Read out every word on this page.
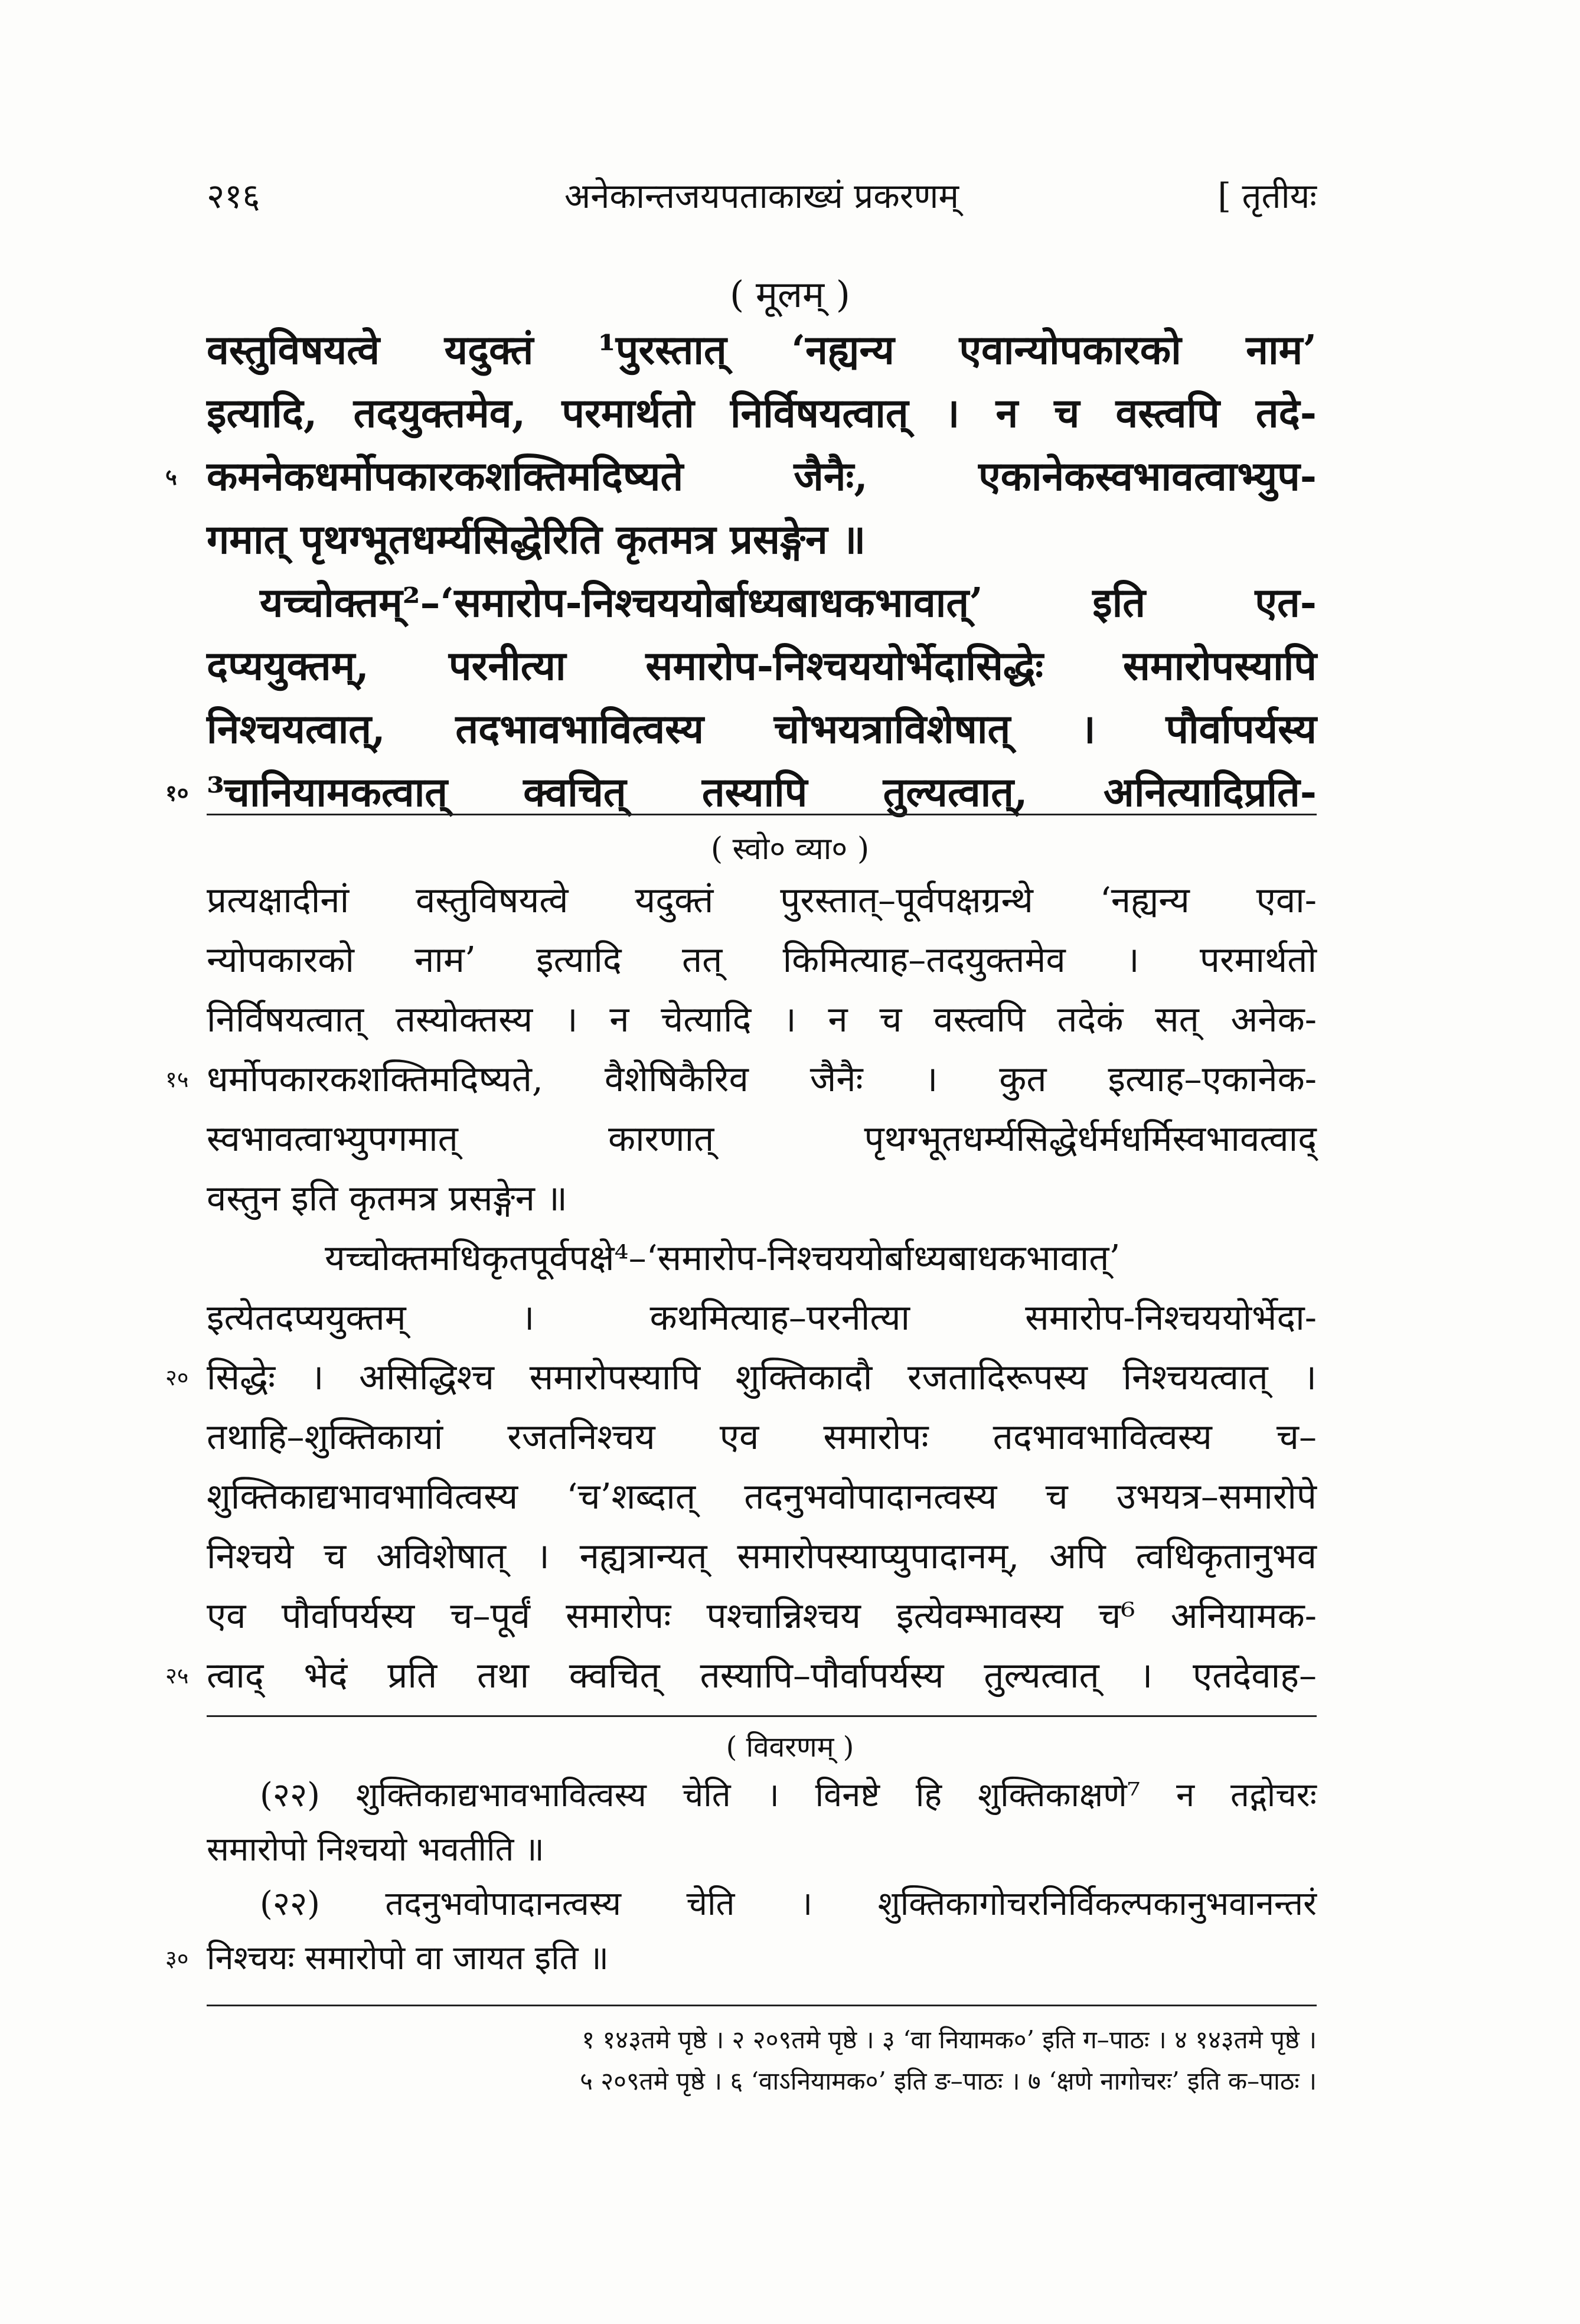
२१६	अनेकान्तजयपताकाख्यं प्रकरणम्	[ तृतीयः
( मूलम् )
वस्तुविषयत्वे यदुक्तं ¹पुरस्तात् ‘नह्यन्य एवान्योपकारको नाम’
इत्यादि, तदयुक्तमेव, परमार्थतो निर्विषयत्वात् । न च वस्त्वपि तदे-
५ कमनेकधर्मोपकारकशक्तिमदिष्यते जैनैः, एकानेकस्वभावत्वाभ्युप-
गमात् पृथग्भूतधर्म्यसिद्धेरिति कृतमत्र प्रसङ्गेन ॥
यच्चोक्तम्²–‘समारोप-निश्चययोर्बाध्यबाधकभावात्’ इति एत-
दप्ययुक्तम्, परनीत्या समारोप-निश्चययोर्भेदासिद्धेः समारोपस्यापि
निश्चयत्वात्, तदभावभावित्वस्य चोभयत्राविशेषात् । पौर्वापर्यस्य
१० ³चानियामकत्वात् क्वचित् तस्यापि तुल्यत्वात्, अनित्यादिप्रति-
( स्वो० व्या० )
प्रत्यक्षादीनां वस्तुविषयत्वे यदुक्तं पुरस्तात्–पूर्वपक्षग्रन्थे ‘नह्यन्य एवा-
न्योपकारको नाम’ इत्यादि तत् किमित्याह–तदयुक्तमेव । परमार्थतो
निर्विषयत्वात् तस्योक्तस्य । न चेत्यादि । न च वस्त्वपि तदेकं सत् अनेक-
१५ धर्मोपकारकशक्तिमदिष्यते, वैशेषिकैरिव जैनैः । कुत इत्याह–एकानेक-
स्वभावत्वाभ्युपगमात् कारणात् पृथग्भूतधर्म्यसिद्धेर्धर्मधर्मिस्वभावत्वाद्
वस्तुन इति कृतमत्र प्रसङ्गेन ॥
यच्चोक्तमधिकृतपूर्वपक्षे⁴–‘समारोप-निश्चययोर्बाध्यबाधकभावात्’
इत्येतदप्ययुक्तम् । कथमित्याह–परनीत्या समारोप-निश्चययोर्भेदा-
२० सिद्धेः । असिद्धिश्च समारोपस्यापि शुक्तिकादौ रजतादिरूपस्य निश्चयत्वात् ।
तथाहि–शुक्तिकायां रजतनिश्चय एव समारोपः तदभावभावित्वस्य च–
शुक्तिकाद्यभावभावित्वस्य ‘च’शब्दात् तदनुभवोपादानत्वस्य च उभयत्र–समारोपे
निश्चये च अविशेषात् । नह्यत्रान्यत् समारोपस्याप्युपादानम्, अपि त्वधिकृतानुभव
एव पौर्वापर्यस्य च–पूर्वं समारोपः पश्चान्निश्चय इत्येवम्भावस्य च⁶ अनियामक-
२५ त्वाद् भेदं प्रति तथा क्वचित् तस्यापि–पौर्वापर्यस्य तुल्यत्वात् । एतदेवाह–
( विवरणम् )
(२२) शुक्तिकाद्यभावभावित्वस्य चेति । विनष्टे हि शुक्तिकाक्षणे⁷ न तद्गोचरः
समारोपो निश्चयो भवतीति ॥
(२२) तदनुभवोपादानत्वस्य चेति । शुक्तिकागोचरनिर्विकल्पकानुभवानन्तरं
३० निश्चयः समारोपो वा जायत इति ॥
१ १४३तमे पृष्ठे । २ २०९तमे पृष्ठे । ३ ‘वा नियामक०’ इति ग–पाठः । ४ १४३तमे पृष्ठे ।
५ २०९तमे पृष्ठे । ६ ‘वाऽनियामक०’ इति ङ–पाठः । ७ ‘क्षणे नागोचरः’ इति क–पाठः ।
